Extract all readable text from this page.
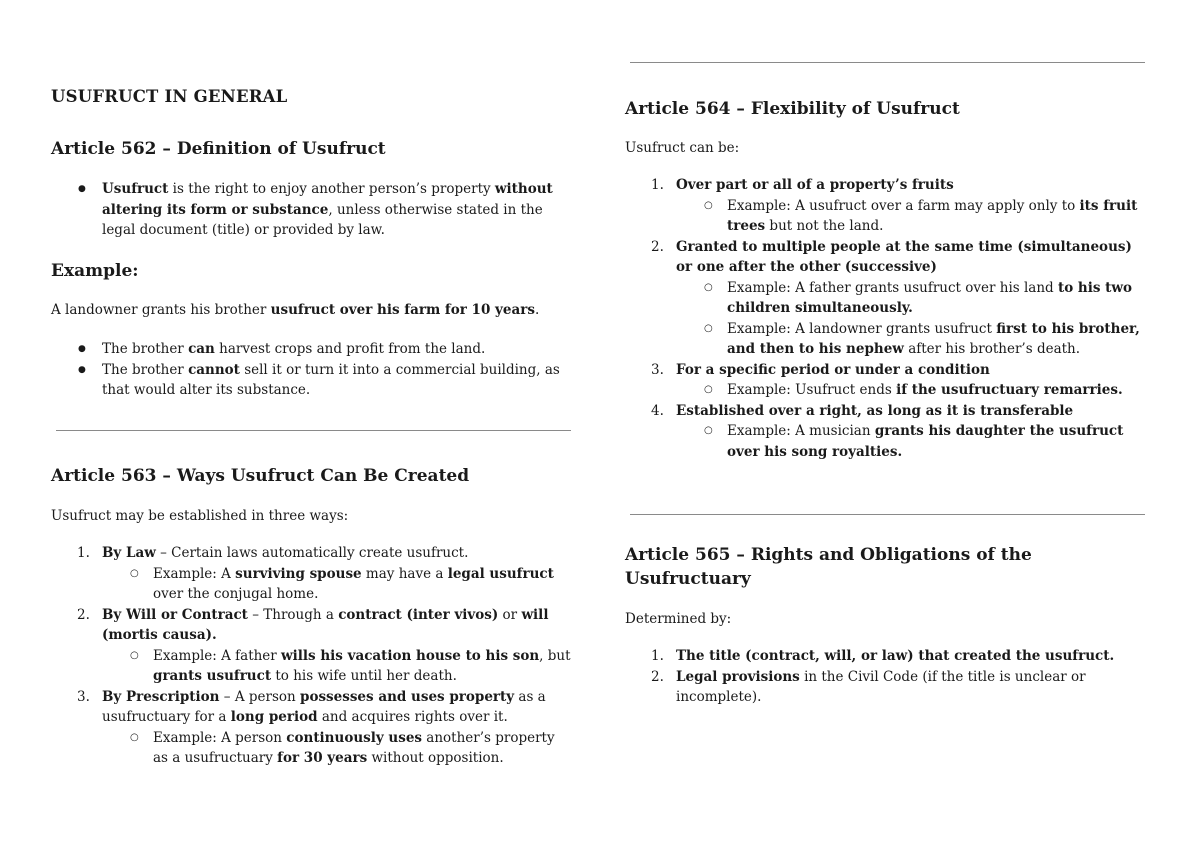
USUFRUCT IN GENERAL
Article 562 – Definition of Usufruct
● Usufruct is the right to enjoy another person’s property without altering its form or substance, unless otherwise stated in the legal document (title) or provided by law.
Example:

A landowner grants his brother usufruct over his farm for 10 years.

● The brother can harvest crops and profit from the land.
● The brother cannot sell it or turn it into a commercial building, as that would alter its substance.
Article 563 – Ways Usufruct Can Be Created

Usufruct may be established in three ways:

1. By Law – Certain laws automatically create usufruct.
○ Example: A surviving spouse may have a legal usufruct over the conjugal home.
2. By Will or Contract – Through a contract (inter vivos) or will (mortis causa).
○ Example: A father wills his vacation house to his son, but grants usufruct to his wife until her death.
3. By Prescription – A person possesses and uses property as a usufructuary for a long period and acquires rights over it.
○ Example: A person continuously uses another’s property as a usufructuary for 30 years without opposition.
Article 564 – Flexibility of Usufruct

Usufruct can be:

1. Over part or all of a property’s fruits
○ Example: A usufruct over a farm may apply only to its fruit trees but not the land.
2. Granted to multiple people at the same time (simultaneous) or one after the other (successive)
○ Example: A father grants usufruct over his land to his two children simultaneously.
○ Example: A landowner grants usufruct first to his brother, and then to his nephew after his brother’s death.
3. For a specific period or under a condition
○ Example: Usufruct ends if the usufructuary remarries.
4. Established over a right, as long as it is transferable
○ Example: A musician grants his daughter the usufruct over his song royalties.
Article 565 – Rights and Obligations of the Usufructuary

Determined by:

1. The title (contract, will, or law) that created the usufruct.
2. Legal provisions in the Civil Code (if the title is unclear or incomplete).
